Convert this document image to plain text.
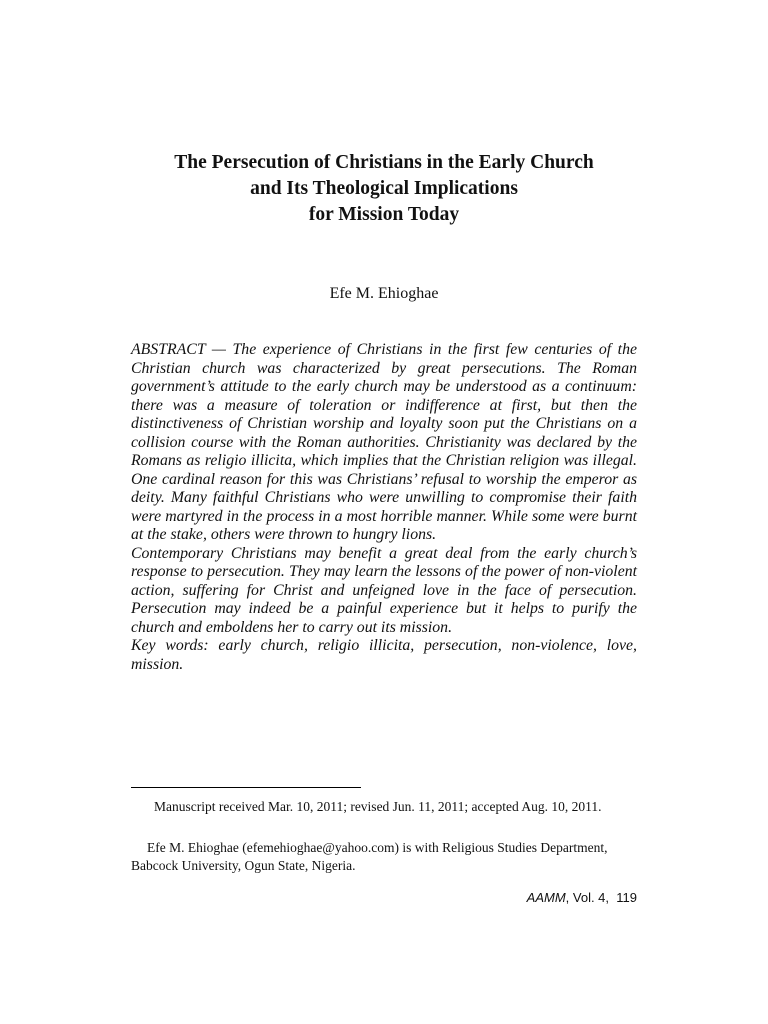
The Persecution of Christians in the Early Church
and Its Theological Implications
for Mission Today
Efe M. Ehioghae

ABSTRACT — The experience of Christians in the first few centuries of the Christian church was characterized by great persecutions. The Roman government’s attitude to the early church may be understood as a continuum: there was a measure of toleration or indifference at first, but then the distinctiveness of Christian worship and loyalty soon put the Christians on a collision course with the Roman authorities. Christianity was declared by the Romans as religio illicita, which implies that the Christian religion was illegal. One cardinal reason for this was Christians’ refusal to worship the emperor as deity. Many faithful Christians who were unwilling to compromise their faith were martyred in the process in a most horrible manner. While some were burnt at the stake, others were thrown to hungry lions.

Contemporary Christians may benefit a great deal from the early church’s response to persecution. They may learn the lessons of the power of non-violent action, suffering for Christ and unfeigned love in the face of persecution. Persecution may indeed be a painful experience but it helps to purify the church and emboldens her to carry out its mission.

Key words: early church, religio illicita, persecution, non-violence, love, mission.

Manuscript received Mar. 10, 2011; revised Jun. 11, 2011; accepted Aug. 10, 2011.
Efe M. Ehioghae (efemehioghae@yahoo.com) is with Religious Studies Department, Babcock University, Ogun State, Nigeria.
AAMM, Vol. 4, 119
